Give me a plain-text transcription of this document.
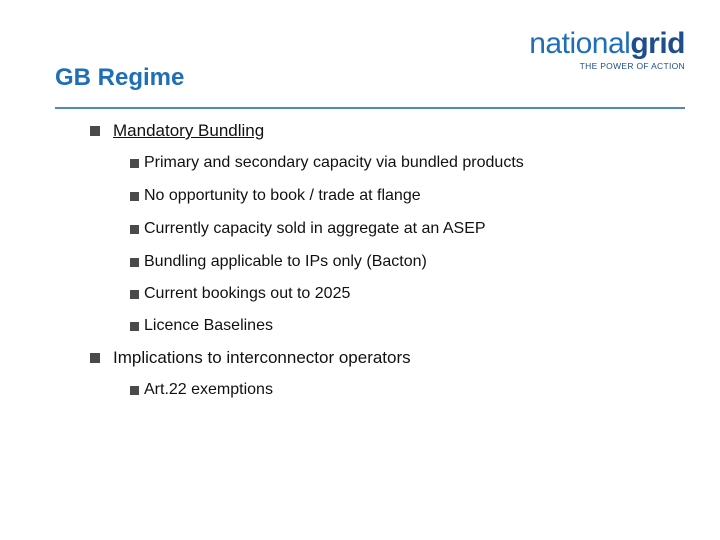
nationalgrid
THE POWER OF ACTION
GB Regime
Mandatory Bundling
Primary and secondary capacity via bundled products
No opportunity to book / trade at flange
Currently capacity sold in aggregate at an ASEP
Bundling applicable to IPs only (Bacton)
Current bookings out to 2025
Licence Baselines
Implications to interconnector operators
Art.22 exemptions
